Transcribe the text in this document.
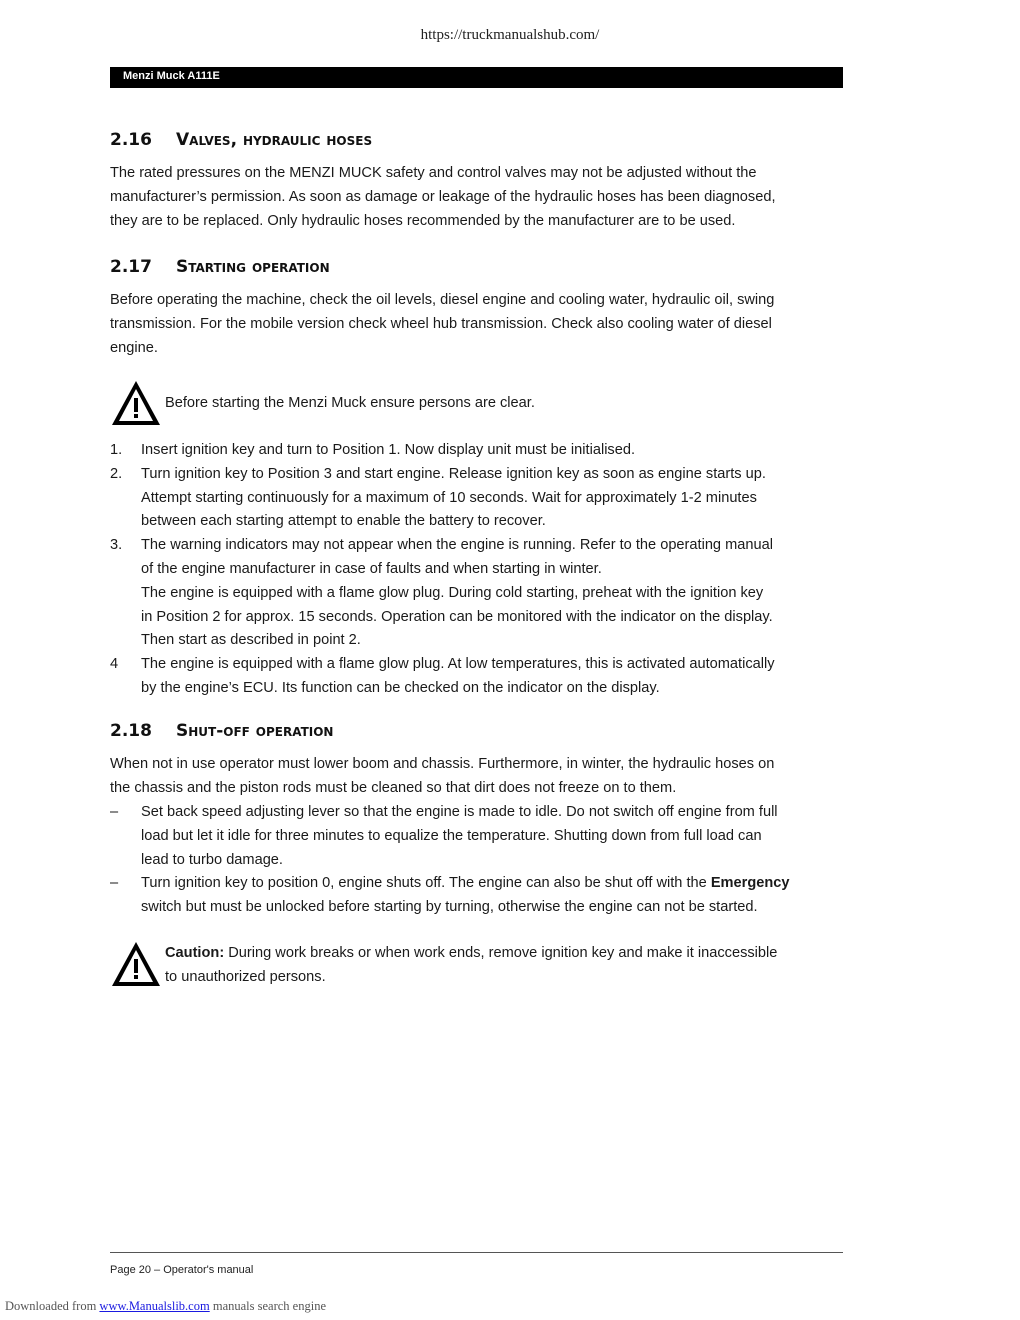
https://truckmanualshub.com/
Menzi Muck A111E
2.16 Valves, hydraulic hoses

The rated pressures on the MENZI MUCK safety and control valves may not be adjusted without the
manufacturer’s permission. As soon as damage or leakage of the hydraulic hoses has been diagnosed,
they are to be replaced. Only hydraulic hoses recommended by the manufacturer are to be used.

2.17 Starting operation

Before operating the machine, check the oil levels, diesel engine and cooling water, hydraulic oil, swing
transmission. For the mobile version check wheel hub transmission. Check also cooling water of diesel
engine.

Before starting the Menzi Muck ensure persons are clear.
1. Insert ignition key and turn to Position 1. Now display unit must be initialised.
2. Turn ignition key to Position 3 and start engine. Release ignition key as soon as engine starts up.
Attempt starting continuously for a maximum of 10 seconds. Wait for approximately 1-2 minutes
between each starting attempt to enable the battery to recover.
3. The warning indicators may not appear when the engine is running. Refer to the operating manual
of the engine manufacturer in case of faults and when starting in winter.
The engine is equipped with a flame glow plug. During cold starting, preheat with the ignition key
in Position 2 for approx. 15 seconds. Operation can be monitored with the indicator on the display.
Then start as described in point 2.
4 The engine is equipped with a flame glow plug. At low temperatures, this is activated automatically
by the engine’s ECU. Its function can be checked on the indicator on the display.
2.18 Shut-off operation

When not in use operator must lower boom and chassis. Furthermore, in winter, the hydraulic hoses on
the chassis and the piston rods must be cleaned so that dirt does not freeze on to them.

– Set back speed adjusting lever so that the engine is made to idle. Do not switch off engine from full
load but let it idle for three minutes to equalize the temperature. Shutting down from full load can
lead to turbo damage.
– Turn ignition key to position 0, engine shuts off. The engine can also be shut off with the Emergency
switch but must be unlocked before starting by turning, otherwise the engine can not be started.
Caution: During work breaks or when work ends, remove ignition key and make it inaccessible
to unauthorized persons.
Page 20 – Operator's manual
Downloaded from www.Manualslib.com manuals search engine
